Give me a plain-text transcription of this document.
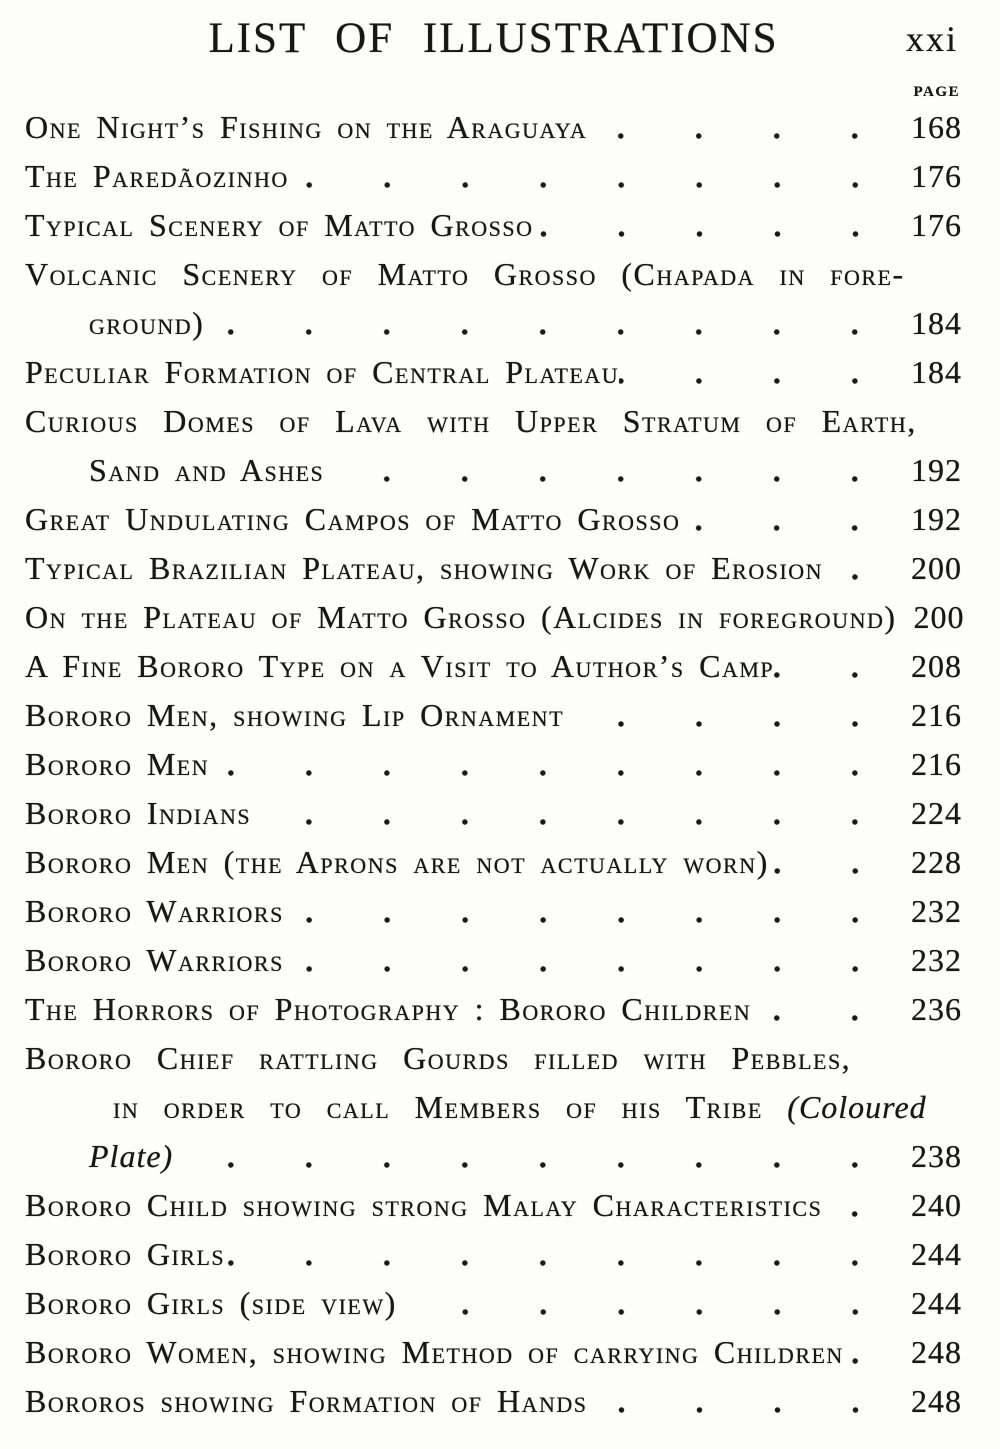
LIST OF ILLUSTRATIONS	xxi
PAGE
One Night’s Fishing on the Araguaya	168
The Paredãozinho	176
Typical Scenery of Matto Grosso	176
Volcanic Scenery of Matto Grosso (Chapada in fore-
ground)	184
Peculiar Formation of Central Plateau	184
Curious Domes of Lava with Upper Stratum of Earth,
Sand and Ashes	192
Great Undulating Campos of Matto Grosso	192
Typical Brazilian Plateau, showing Work of Erosion	200
On the Plateau of Matto Grosso (Alcides in foreground) 200
A Fine Bororo Type on a Visit to Author’s Camp	208
Bororo Men, showing Lip Ornament	216
Bororo Men	216
Bororo Indians	224
Bororo Men (the Aprons are not actually worn)	228
Bororo Warriors	232
Bororo Warriors	232
The Horrors of Photography : Bororo Children	236
Bororo Chief rattling Gourds filled with Pebbles,
in order to call Members of his Tribe (Coloured
Plate)	238
Bororo Child showing strong Malay Characteristics	240
Bororo Girls	244
Bororo Girls (side view)	244
Bororo Women, showing Method of carrying Children 248
Bororos showing Formation of Hands	248
